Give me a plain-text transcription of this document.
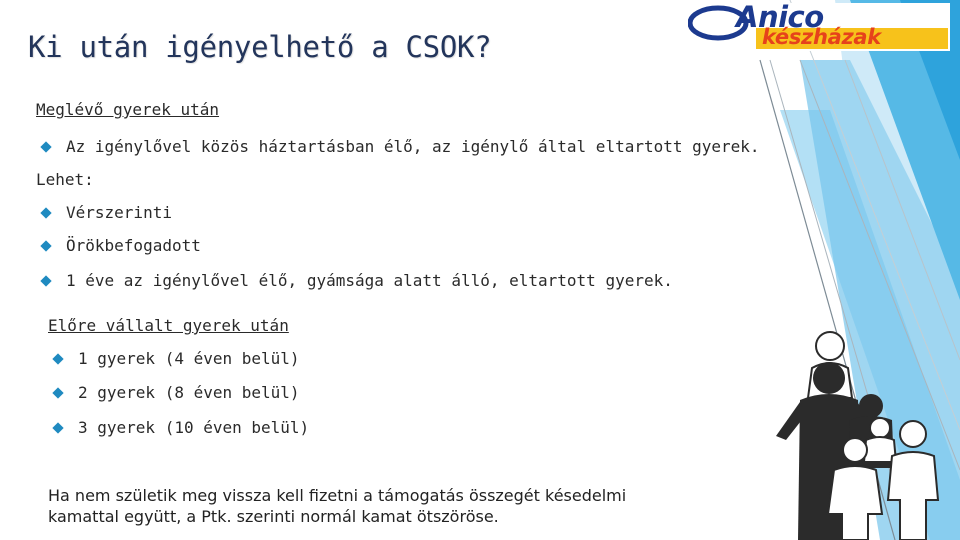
Anico
készházak
Ki után igényelhető a CSOK?
Meglévő gyerek után
Az igénylővel közös háztartásban élő, az igénylő által eltartott gyerek.
Lehet:
Vérszerinti
Örökbefogadott
1 éve az igénylővel élő, gyámsága alatt álló, eltartott gyerek.
Előre vállalt gyerek után
1 gyerek (4 éven belül)
2 gyerek (8 éven belül)
3 gyerek (10 éven belül)
Ha nem születik meg vissza kell fizetni a támogatás összegét késedelmi
kamattal együtt, a Ptk. szerinti normál kamat ötszöröse.
